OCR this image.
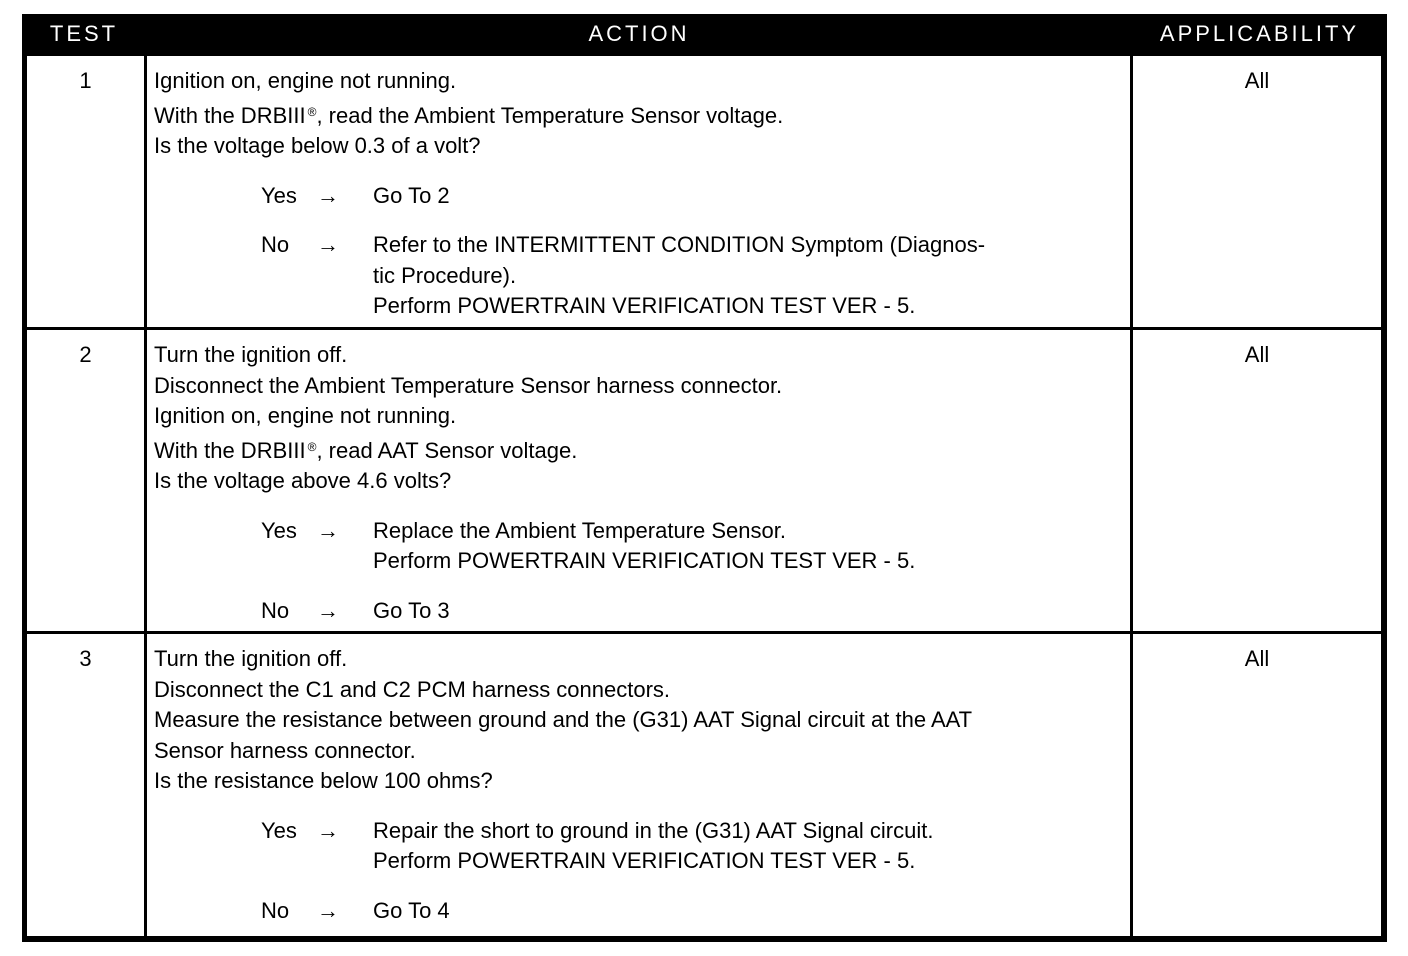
TEST	ACTION	APPLICABILITY
1	Ignition on, engine not running.
With the DRBIII ®, read the Ambient Temperature Sensor voltage.
Is the voltage below 0.3 of a volt?
Yes →	Go To 2
No	→	Refer to the INTERMITTENT CONDITION Symptom (Diagnos-
tic Procedure).
Perform POWERTRAIN VERIFICATION TEST VER - 5.
All
2	Turn the ignition off.
Disconnect the Ambient Temperature Sensor harness connector.
Ignition on, engine not running.
With the DRBIII ®, read AAT Sensor voltage.
Is the voltage above 4.6 volts?
Yes →	Replace the Ambient Temperature Sensor.
Perform POWERTRAIN VERIFICATION TEST VER - 5.
No	→	Go To 3
All
3	Turn the ignition off.
Disconnect the C1 and C2 PCM harness connectors.
Measure the resistance between ground and the (G31) AAT Signal circuit at the AAT
Sensor harness connector.
Is the resistance below 100 ohms?
Yes →	Repair the short to ground in the (G31) AAT Signal circuit.
Perform POWERTRAIN VERIFICATION TEST VER - 5.
No	→	Go To 4
All
